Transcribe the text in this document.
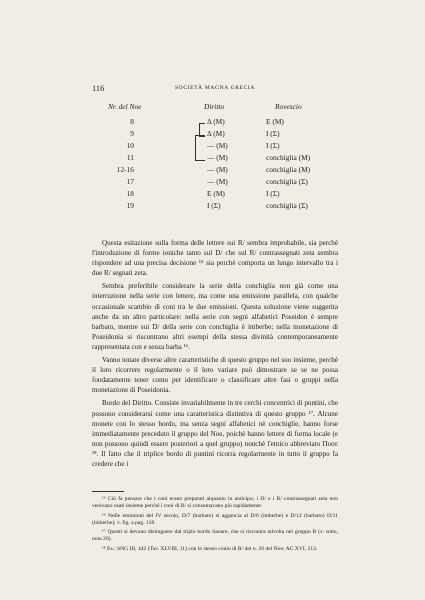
116	SOCIETÀ MAGNA GRECIA
Nr. del Noe	Diritto	Rovescio
8	Δ (M)	E (M)
9	Δ (M)	I (Σ)
10	— (M)	I (Σ)
11	— (M)	conchiglia (M)
12-16	— (M)	conchiglia (M)
17	— (M)	conchiglia (Σ)
18	E (M)	I (Σ)
19	I (Σ)	conchiglia (Σ)

Questa esitazione sulla forma delle lettere sui R/ sembra improbabile, sia perchè l'introduzione di forme ioniche tanto sul D/ che sul R/ contrassegnati zeta sembra rispondere ad una precisa decisione ¹⁵ sia perchè comporta un lungo intervallo tra i due R/ segnati zeta.

Sembra preferibile considerare la serie della conchiglia non già come una interruzione nella serie con lettere, ma come una emissione parallela, con qualche occasionale scambio di coni tra le due emissioni. Questa soluzione viene suggerita anche da un altro particolare: nella serie con segni alfabetici Poseidon è sempre barbato, mentre sui D/ della serie con conchiglia è imberbe; nella monetazione di Poseidonia si riscontrano altri esempi della stessa divinità contemporaneamente rappresentata con e senza barba ¹⁶.

Vanno notate diverse altre caratteristiche di questo gruppo nel suo insieme, perchè il loro ricorrere regolarmente o il loro variare può dimostrare se se ne possa fondatamente tener conto per identificare o classificare altre fasi o gruppi nella monetazione di Poseidonia.

Bordo del Diritto. Consiste invariabilmente in tre cerchi concentrici di puntini, che possono considerarsi come una caratteristica distintiva di questo gruppo ¹⁷. Alcune monete con lo stesso bordo, ma senza segni alfabetici nè conchiglie, hanno forse immediatamente preceduto il gruppo del Noe, poichè hanno lettere di forma locale (e non possono quindi essere posteriori a quel gruppo) nonchè l'etnico abbreviato Ποσε ¹⁸. Il fatto che il triplice bordo di puntini ricorra regolarmente in tutto il gruppo fa credere che i

¹⁵ Ciò fa pensare che i coni erano preparati alquanto in anticipo; i D/ e i R/ contrassegnati zeta non venivano usati insieme perchè i coni di R/ si consumavano più rapidamente.

¹⁶ Nelle emissioni del IV secolo, D/7 (barbato) si aggancia al D/6 (imberbe) e D/12 (barbato) D/11 (imberbe); v. fig. a pag. 118.

¹⁷ Questi si devono distinguere dal triplo bordo lineare, che si riscontra talvolta nel gruppo B (v. sotto, nota 26).

¹⁸ Es.: SNG III, 442 (Tav. XLVIII, 11) con lo stesso conio di R/ del n. 26 del Noe; AC XVI, 213.
